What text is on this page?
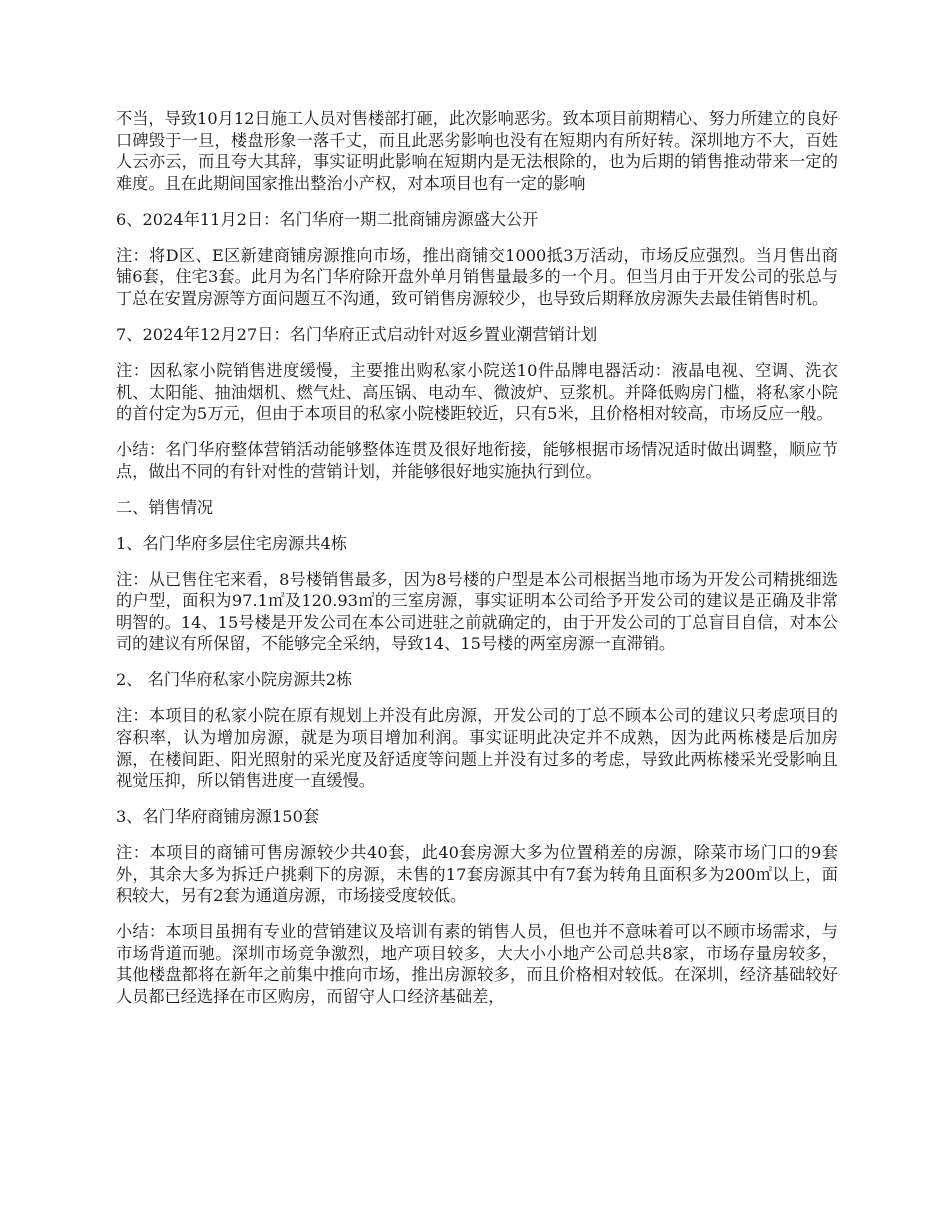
不当，导致10月12日施工人员对售楼部打砸，此次影响恶劣。致本项目前期精心、努力所建立的良好口碑毁于一旦，楼盘形象一落千丈，而且此恶劣影响也没有在短期内有所好转。深圳地方不大，百姓人云亦云，而且夸大其辞，事实证明此影响在短期内是无法根除的，也为后期的销售推动带来一定的难度。且在此期间国家推出整治小产权，对本项目也有一定的影响

6、2024年11月2日：名门华府一期二批商铺房源盛大公开

注：将D区、E区新建商铺房源推向市场，推出商铺交1000抵3万活动，市场反应强烈。当月售出商铺6套，住宅3套。此月为名门华府除开盘外单月销售量最多的一个月。但当月由于开发公司的张总与丁总在安置房源等方面问题互不沟通，致可销售房源较少，也导致后期释放房源失去最佳销售时机。

7、2024年12月27日：名门华府正式启动针对返乡置业潮营销计划

注：因私家小院销售进度缓慢，主要推出购私家小院送10件品牌电器活动：液晶电视、空调、洗衣机、太阳能、抽油烟机、燃气灶、高压锅、电动车、微波炉、豆浆机。并降低购房门槛，将私家小院的首付定为5万元，但由于本项目的私家小院楼距较近，只有5米，且价格相对较高，市场反应一般。

小结：名门华府整体营销活动能够整体连贯及很好地衔接，能够根据市场情况适时做出调整，顺应节点，做出不同的有针对性的营销计划，并能够很好地实施执行到位。

二、销售情况

1、名门华府多层住宅房源共4栋

注：从已售住宅来看，8号楼销售最多，因为8号楼的户型是本公司根据当地市场为开发公司精挑细选的户型，面积为97.1㎡及120.93㎡的三室房源，事实证明本公司给予开发公司的建议是正确及非常明智的。14、15号楼是开发公司在本公司进驻之前就确定的，由于开发公司的丁总盲目自信，对本公司的建议有所保留，不能够完全采纳，导致14、15号楼的两室房源一直滞销。

2、 名门华府私家小院房源共2栋

注：本项目的私家小院在原有规划上并没有此房源，开发公司的丁总不顾本公司的建议只考虑项目的容积率，认为增加房源，就是为项目增加利润。事实证明此决定并不成熟，因为此两栋楼是后加房源，在楼间距、阳光照射的采光度及舒适度等问题上并没有过多的考虑，导致此两栋楼采光受影响且视觉压抑，所以销售进度一直缓慢。

3、名门华府商铺房源150套

注：本项目的商铺可售房源较少共40套，此40套房源大多为位置稍差的房源，除菜市场门口的9套外，其余大多为拆迁户挑剩下的房源，未售的17套房源其中有7套为转角且面积多为200㎡以上，面积较大，另有2套为通道房源，市场接受度较低。

小结：本项目虽拥有专业的营销建议及培训有素的销售人员，但也并不意味着可以不顾市场需求，与市场背道而驰。深圳市场竞争激烈，地产项目较多，大大小小地产公司总共8家，市场存量房较多，其他楼盘都将在新年之前集中推向市场，推出房源较多，而且价格相对较低。在深圳，经济基础较好人员都已经选择在市区购房，而留守人口经济基础差，
